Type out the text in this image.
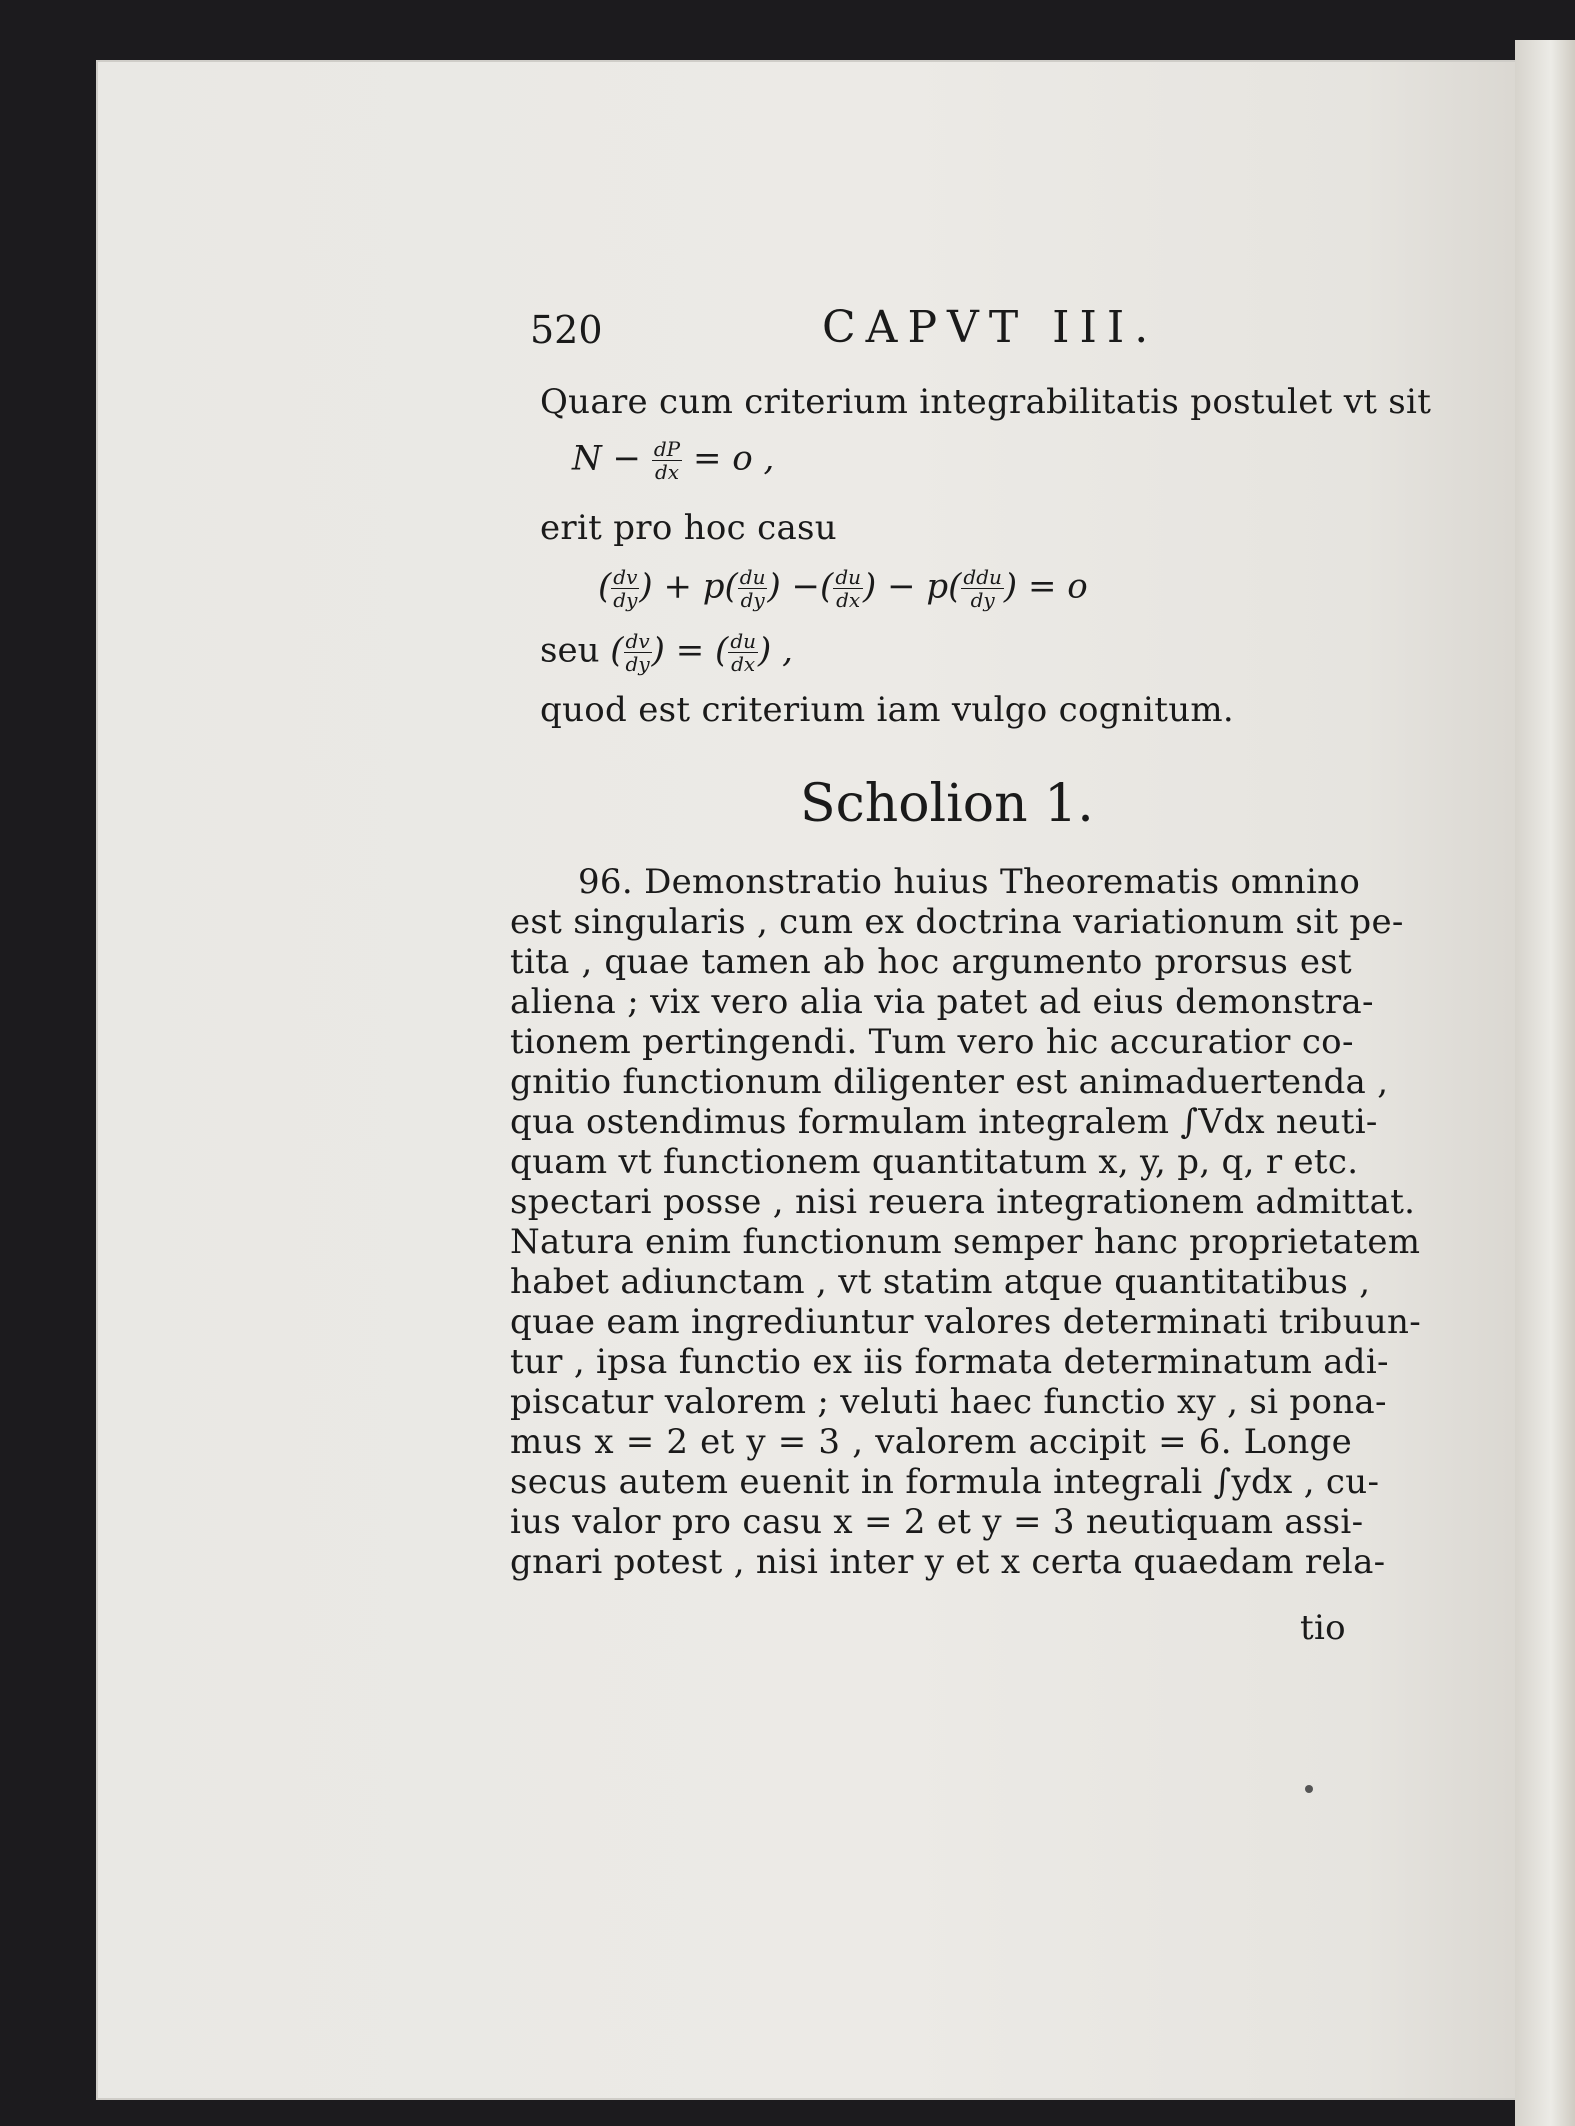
520	CAPVT III.
Quare cum criterium integrabilitatis postulet vt sit
$N - \frac{dP}{dx} = o$ ,
erit pro hoc casu
( $\frac{dv}{dy}$ ) + $p( \frac{du}{dy}$ ) −( $\frac{du}{dx}$ ) − $p( \frac{\text{ddu}}{dy}$ ) = o
seu ( $\frac{dv}{dy}$ ) = ( $\frac{du}{dx}$ ) ,
quod est criterium iam vulgo cognitum.
Scholion 1.
96. Demonstratio huius Theorematis omnino
est singularis , cum ex doctrina variationum sit pe-
tita , quae tamen ab hoc argumento prorsus est
aliena ; vix vero alia via patet ad eius demonstra-
tionem pertingendi. Tum vero hic accuratior co-
gnitio functionum diligenter est animaduertenda ,
qua ostendimus formulam integralem ∫Vdx neuti-
quam vt functionem quantitatum x, y, p, q, r etc.
spectari posse , nisi reuera integrationem admittat.
Natura enim functionum semper hanc proprietatem
habet adiunctam , vt statim atque quantitatibus ,
quae eam ingrediuntur valores determinati tribuun-
tur , ipsa functio ex iis formata determinatum adi-
piscatur valorem ; veluti haec functio xy , si pona-
mus x = 2 et y = 3 , valorem accipit = 6. Longe
secus autem euenit in formula integrali ∫ydx , cu-
ius valor pro casu x = 2 et y = 3 neutiquam assi-
gnari potest , nisi inter y et x certa quaedam rela-
tio
